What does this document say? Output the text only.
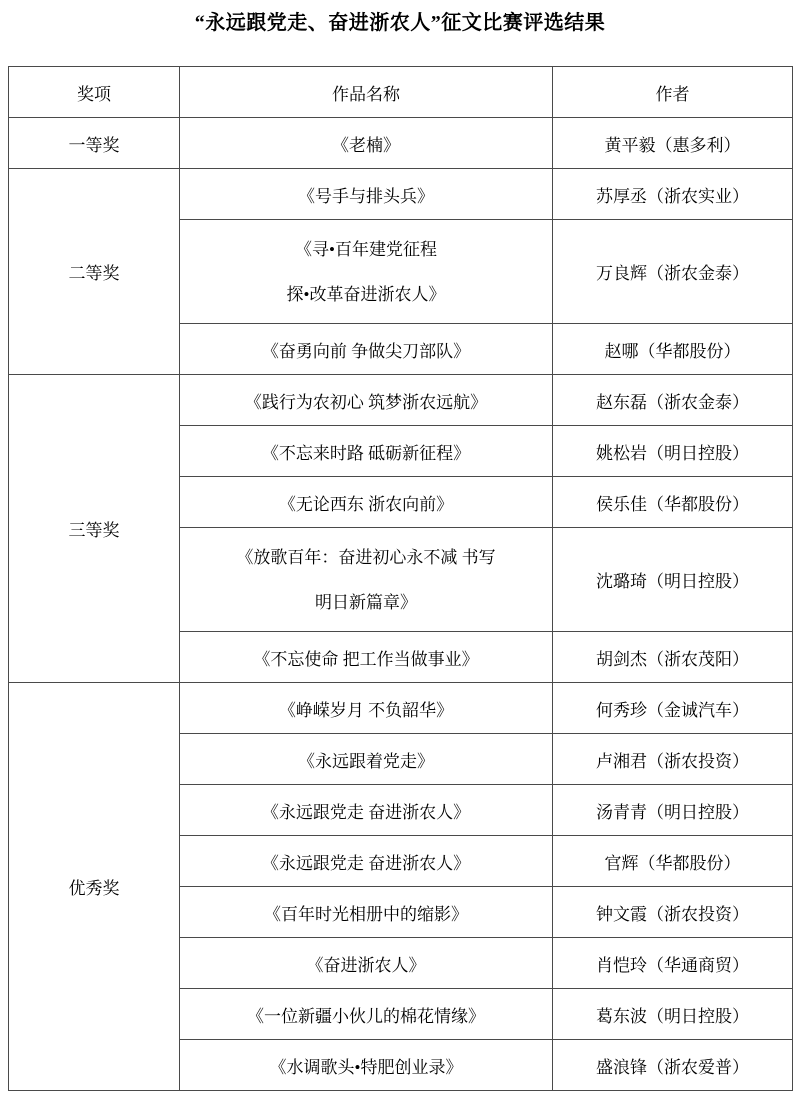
“永远跟党走、奋进浙农人”征文比赛评选结果
奖项	作品名称	作者
一等奖	《老楠》	黄平毅（惠多利）
二等奖	《号手与排头兵》	苏厚丞（浙农实业）

	《寻•百年建党征程
探•改革奋进浙农人》	万良辉（浙农金泰）
	《奋勇向前 争做尖刀部队》	赵哪（华都股份）
三等奖	《践行为农初心 筑梦浙农远航》	赵东磊（浙农金泰）
	《不忘来时路 砥砺新征程》	姚松岩（明日控股）
	《无论西东 浙农向前》	侯乐佳（华都股份）

	《放歌百年：奋进初心永不减 书写
明日新篇章》	沈璐琦（明日控股）
	《不忘使命 把工作当做事业》	胡剑杰（浙农茂阳）
优秀奖	《峥嵘岁月 不负韶华》	何秀珍（金诚汽车）
	《永远跟着党走》	卢湘君（浙农投资）
	《永远跟党走 奋进浙农人》	汤青青（明日控股）
	《永远跟党走 奋进浙农人》	官辉（华都股份）
	《百年时光相册中的缩影》	钟文霞（浙农投资）
	《奋进浙农人》	肖恺玲（华通商贸）
	《一位新疆小伙儿的棉花情缘》	葛东波（明日控股）
	《水调歌头•特肥创业录》	盛浪锋（浙农爱普）
